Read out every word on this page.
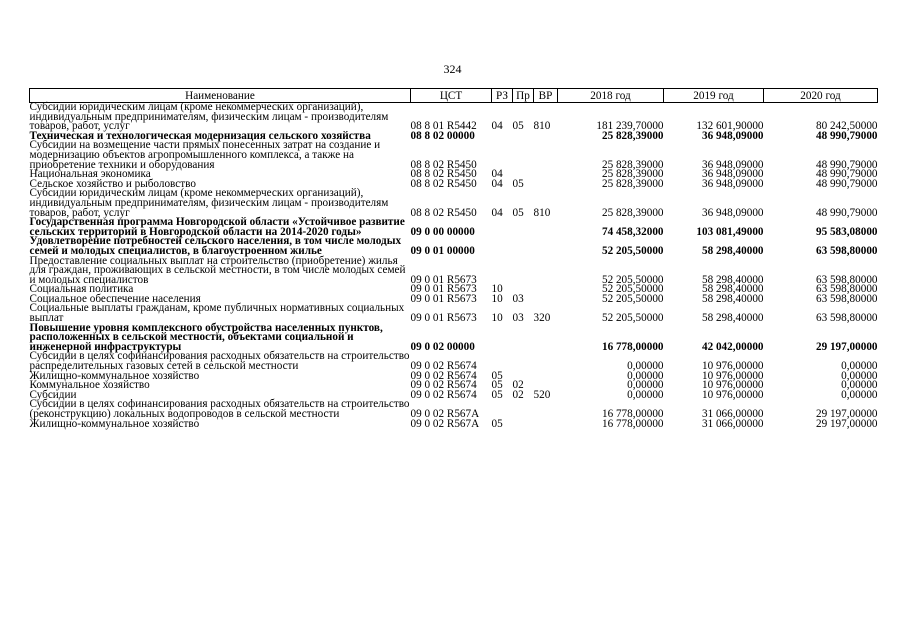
324
Наименование	ЦСТ	РЗ	Пр	ВР	2018 год	2019 год	2020 год
Субсидии юридическим лицам (кроме некоммерческих организаций), индивидуальным предпринимателям, физическим лицам - производителям товаров, работ, услуг	08 8 01 R5442	04	05	810	181 239,70000	132 601,90000	80 242,50000
Техническая и технологическая модернизация сельского хозяйства	08 8 02 00000				25 828,39000	36 948,09000	48 990,79000
Субсидии на возмещение части прямых понесенных затрат на создание и модернизацию объектов агропромышленного комплекса, а также на приобретение техники и оборудования	08 8 02 R5450				25 828,39000	36 948,09000	48 990,79000
Национальная экономика	08 8 02 R5450	04			25 828,39000	36 948,09000	48 990,79000
Сельское хозяйство и рыболовство	08 8 02 R5450	04	05		25 828,39000	36 948,09000	48 990,79000
Субсидии юридическим лицам (кроме некоммерческих организаций), индивидуальным предпринимателям, физическим лицам - производителям товаров, работ, услуг	08 8 02 R5450	04	05	810	25 828,39000	36 948,09000	48 990,79000
Государственная программа Новгородской области «Устойчивое развитие сельских территорий в Новгородской области на 2014-2020 годы»	09 0 00 00000				74 458,32000	103 081,49000	95 583,08000
Удовлетворение потребностей сельского населения, в том числе молодых семей и молодых специалистов, в благоустроенном жилье	09 0 01 00000				52 205,50000	58 298,40000	63 598,80000
Предоставление социальных выплат на строительство (приобретение) жилья для граждан, проживающих в сельской местности, в том числе молодых семей и молодых специалистов	09 0 01 R5673				52 205,50000	58 298,40000	63 598,80000
Социальная политика	09 0 01 R5673	10			52 205,50000	58 298,40000	63 598,80000
Социальное обеспечение населения	09 0 01 R5673	10	03		52 205,50000	58 298,40000	63 598,80000
Социальные выплаты гражданам, кроме публичных нормативных социальных выплат	09 0 01 R5673	10	03	320	52 205,50000	58 298,40000	63 598,80000
Повышение уровня комплексного обустройства населенных пунктов, расположенных в сельской местности, объектами социальной и инженерной инфраструктуры	09 0 02 00000				16 778,00000	42 042,00000	29 197,00000
Субсидии в целях софинансирования расходных обязательств на строительство распределительных газовых сетей в сельской местности	09 0 02 R5674				0,00000	10 976,00000	0,00000
Жилищно-коммунальное хозяйство	09 0 02 R5674	05			0,00000	10 976,00000	0,00000
Коммунальное хозяйство	09 0 02 R5674	05	02		0,00000	10 976,00000	0,00000
Субсидии	09 0 02 R5674	05	02	520	0,00000	10 976,00000	0,00000
Субсидии в целях софинансирования расходных обязательств на строительство (реконструкцию) локальных водопроводов в сельской местности	09 0 02 R567A				16 778,00000	31 066,00000	29 197,00000
Жилищно-коммунальное хозяйство	09 0 02 R567A	05			16 778,00000	31 066,00000	29 197,00000
